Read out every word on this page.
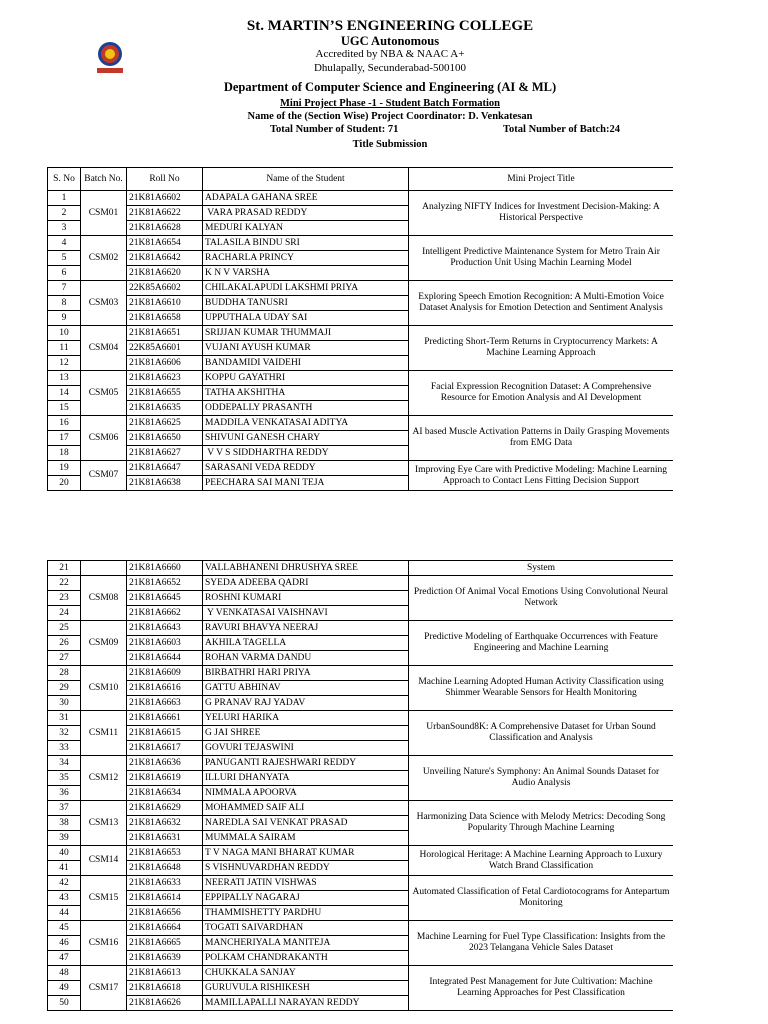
St. MARTIN’S ENGINEERING COLLEGE
UGC Autonomous
Accredited by NBA & NAAC A+
Dhulapally, Secunderabad-500100
Department of Computer Science and Engineering (AI & ML)
Mini Project Phase -1 - Student Batch Formation
Name of the (Section Wise) Project Coordinator: D. Venkatesan
Total Number of Student: 71	Total Number of Batch:24
Title Submission
S. No	Batch No.	Roll No	Name of the Student	Mini Project Title
1	CSM01	21K81A6602	ADAPALA GAHANA SREE	Analyzing NIFTY Indices for Investment Decision-Making: A Historical Perspective
2		21K81A6622	VARA PRASAD REDDY	
3		21K81A6628	MEDURI KALYAN	
4	CSM02	21K81A6654	TALASILA BINDU SRI	Intelligent Predictive Maintenance System for Metro Train Air Production Unit Using Machin Learning Model
5		21K81A6642	RACHARLA PRINCY	
6		21K81A6620	K N V VARSHA	
7	CSM03	22K85A6602	CHILAKALAPUDI LAKSHMI PRIYA	Exploring Speech Emotion Recognition: A Multi-Emotion Voice Dataset Analysis for Emotion Detection and Sentiment Analysis
8		21K81A6610	BUDDHA TANUSRI	
9		21K81A6658	UPPUTHALA UDAY SAI	
10	CSM04	21K81A6651	SRIJJAN KUMAR THUMMAJI	Predicting Short-Term Returns in Cryptocurrency Markets: A Machine Learning Approach
11		22K85A6601	VUJANI AYUSH KUMAR	
12		21K81A6606	BANDAMIDI VAIDEHI	
13	CSM05	21K81A6623	KOPPU GAYATHRI	Facial Expression Recognition Dataset: A Comprehensive Resource for Emotion Analysis and AI Development
14		21K81A6655	TATHA AKSHITHA	
15		21K81A6635	ODDEPALLY PRASANTH	
16	CSM06	21K81A6625	MADDILA VENKATASAI ADITYA	AI based Muscle Activation Patterns in Daily Grasping Movements from EMG Data
17		21K81A6650	SHIVUNI GANESH CHARY	
18		21K81A6627	V V S SIDDHARTHA REDDY	
19	CSM07	21K81A6647	SARASANI VEDA REDDY	Improving Eye Care with Predictive Modeling: Machine Learning Approach to Contact Lens Fitting Decision Support
20		21K81A6638	PEECHARA SAI MANI TEJA	
21		21K81A6660	VALLABHANENI DHRUSHYA SREE	System
22	CSM08	21K81A6652	SYEDA ADEEBA QADRI	Prediction Of Animal Vocal Emotions Using Convolutional Neural Network
23		21K81A6645	ROSHNI KUMARI	
24		21K81A6662	Y VENKATASAI VAISHNAVI	
25	CSM09	21K81A6643	RAVURI BHAVYA NEERAJ	Predictive Modeling of Earthquake Occurrences with Feature Engineering and Machine Learning
26		21K81A6603	AKHILA TAGELLA	
27		21K81A6644	ROHAN VARMA DANDU	
28	CSM10	21K81A6609	BIRBATHRI HARI PRIYA	Machine Learning Adopted Human Activity Classification using Shimmer Wearable Sensors for Health Monitoring
29		21K81A6616	GATTU ABHINAV	
30		21K81A6663	G PRANAV RAJ YADAV	
31	CSM11	21K81A6661	YELURI HARIKA	UrbanSound8K: A Comprehensive Dataset for Urban Sound Classification and Analysis
32		21K81A6615	G JAI SHREE	
33		21K81A6617	GOVURI TEJASWINI	
34	CSM12	21K81A6636	PANUGANTI RAJESHWARI REDDY	Unveiling Nature's Symphony: An Animal Sounds Dataset for Audio Analysis
35		21K81A6619	ILLURI DHANYATA	
36		21K81A6634	NIMMALA APOORVA	
37	CSM13	21K81A6629	MOHAMMED SAIF ALI	Harmonizing Data Science with Melody Metrics: Decoding Song Popularity Through Machine Learning
38		21K81A6632	NAREDLA SAI VENKAT PRASAD	
39		21K81A6631	MUMMALA SAIRAM	
40	CSM14	21K81A6653	T V NAGA MANI BHARAT KUMAR	Horological Heritage: A Machine Learning Approach to Luxury Watch Brand Classification
41		21K81A6648	S VISHNUVARDHAN REDDY	
42	CSM15	21K81A6633	NEERATI JATIN VISHWAS	Automated Classification of Fetal Cardiotocograms for Antepartum Monitoring
43		21K81A6614	EPPIPALLY NAGARAJ	
44		21K81A6656	THAMMISHETTY PARDHU	
45	CSM16	21K81A6664	TOGATI SAIVARDHAN	Machine Learning for Fuel Type Classification: Insights from the 2023 Telangana Vehicle Sales Dataset
46		21K81A6665	MANCHERIYALA MANITEJA	
47		21K81A6639	POLKAM CHANDRAKANTH	
48	CSM17	21K81A6613	CHUKKALA SANJAY	Integrated Pest Management for Jute Cultivation: Machine Learning Approaches for Pest Classification
49		21K81A6618	GURUVULA RISHIKESH	
50		21K81A6626	MAMILLAPALLI NARAYAN REDDY	
